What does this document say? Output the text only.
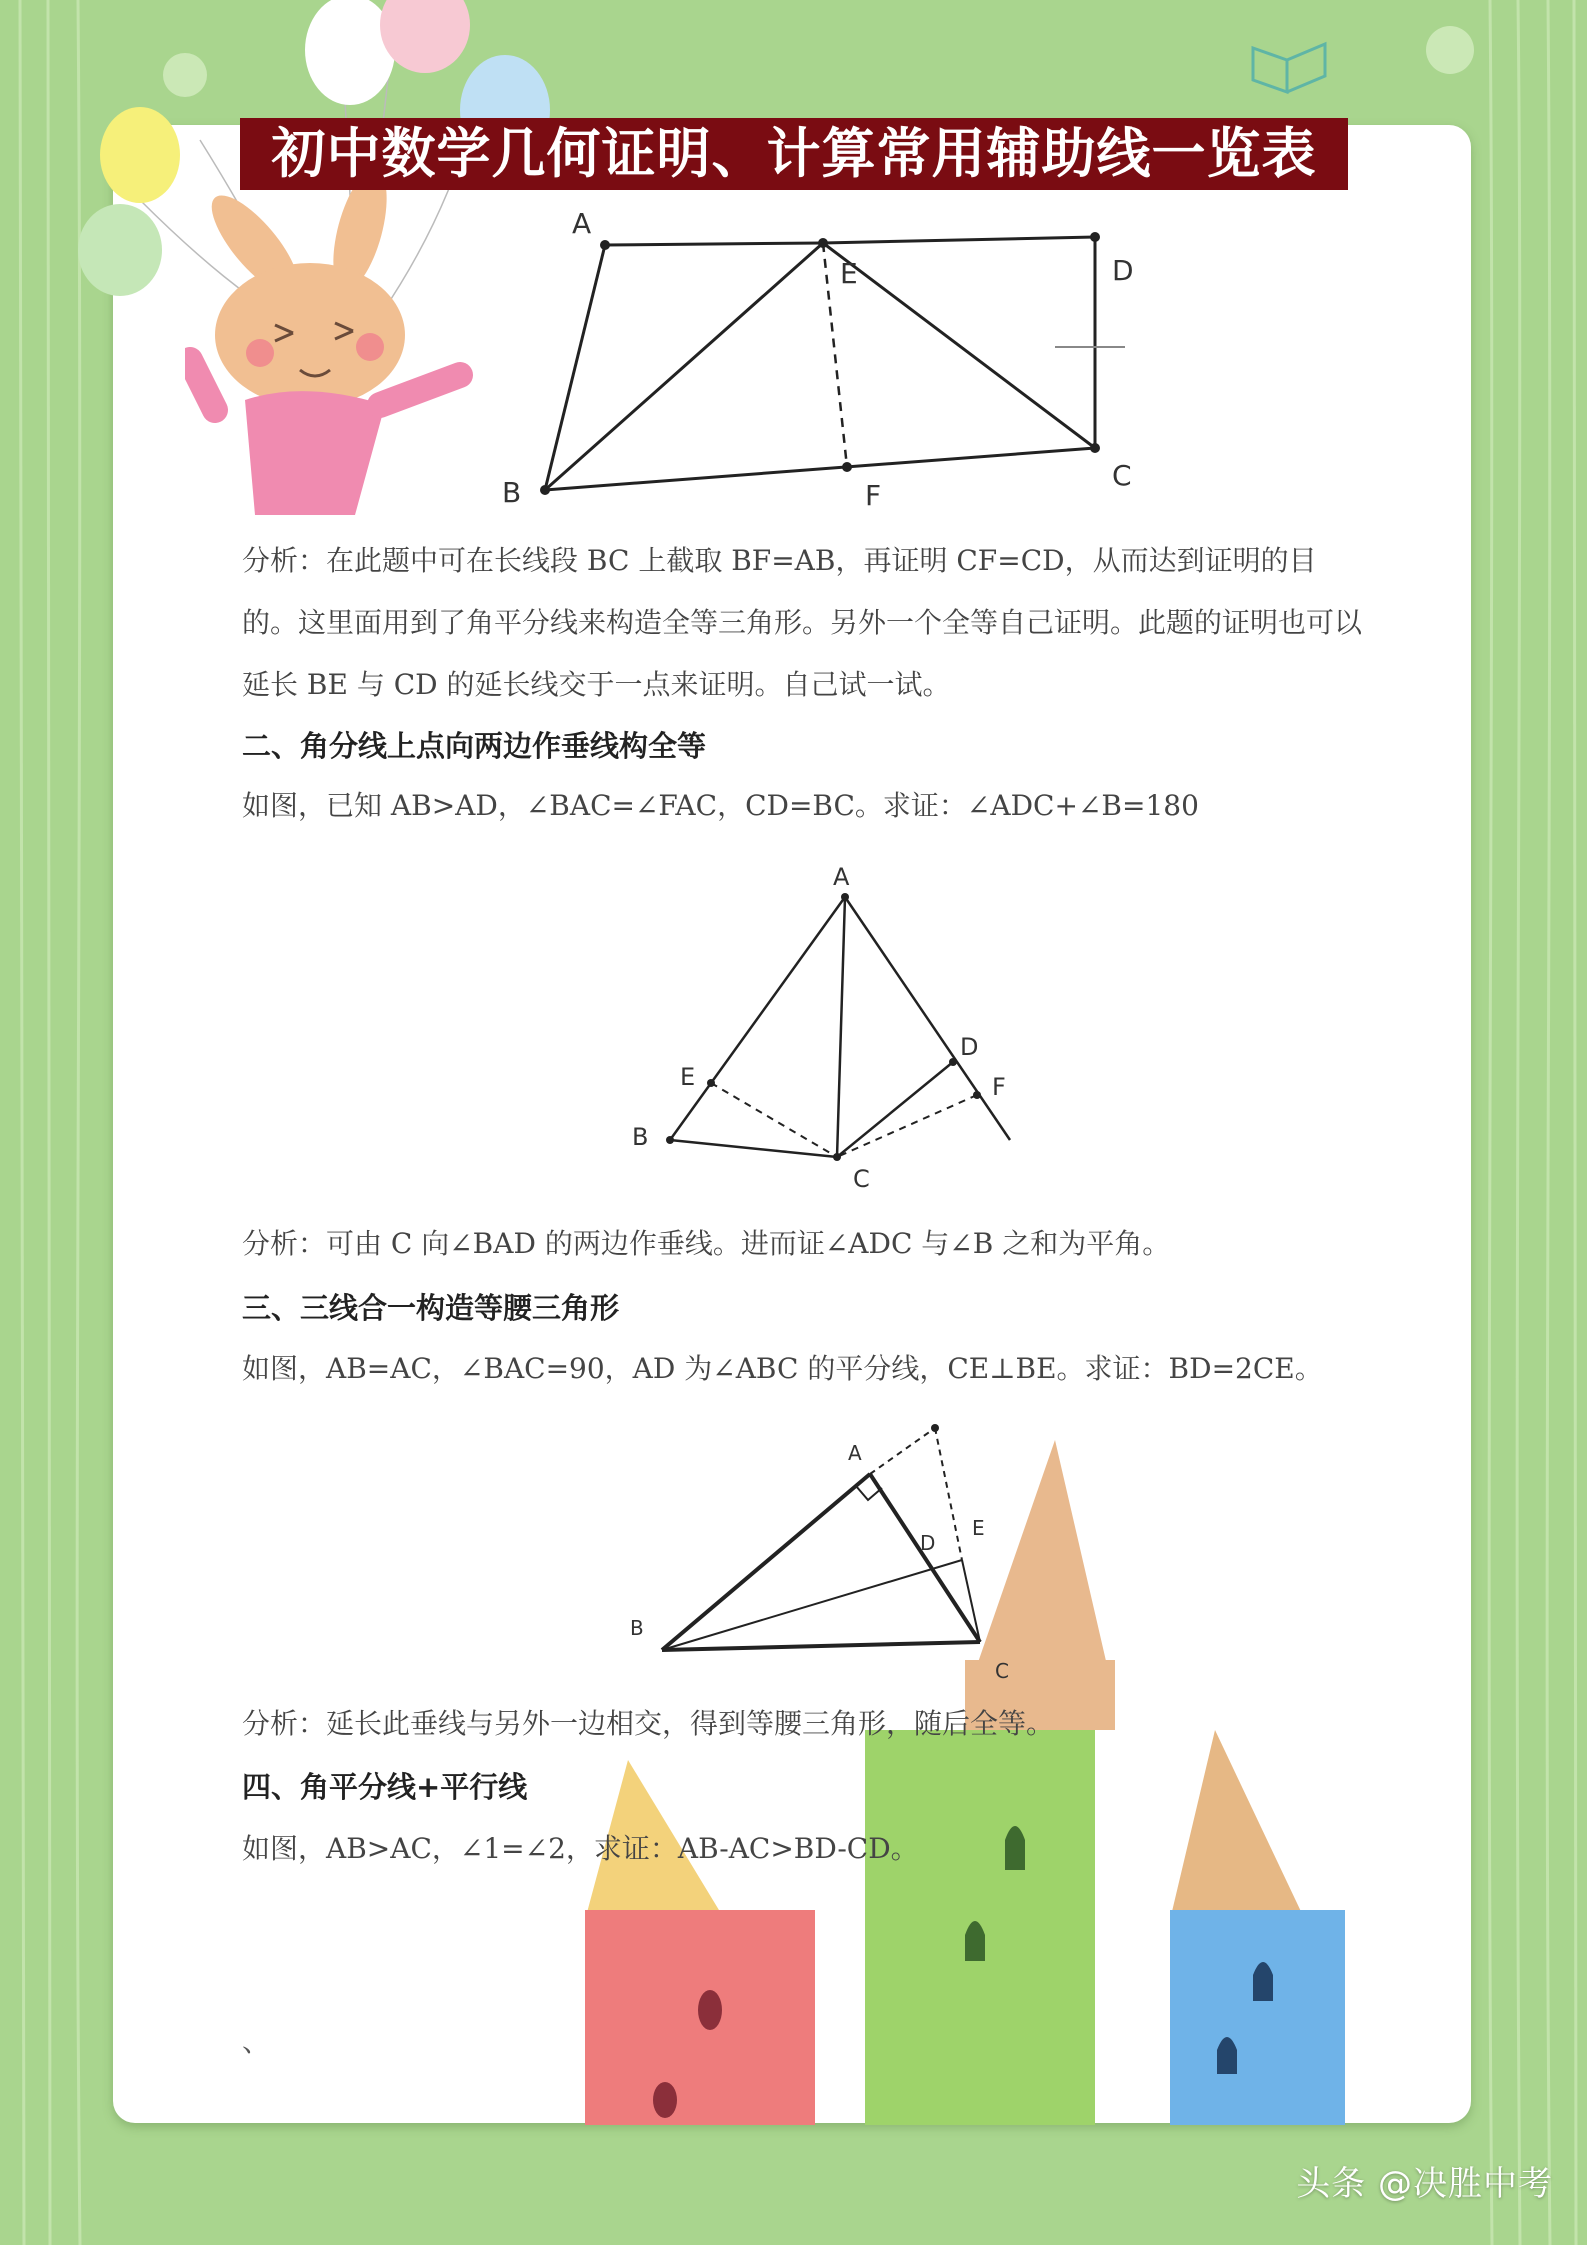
初中数学几何证明、计算常用辅助线一览表
A
E	D
B
C
F
分析：在此题中可在长线段 BC 上截取 BF=AB，再证明 CF=CD，从而达到证明的目的。这里面用到了角平分线来构造全等三角形。另外一个全等自己证明。此题的证明也可以延长 BE 与 CD 的延长线交于一点来证明。自己试一试。
二、角分线上点向两边作垂线构全等
如图，已知 AB>AD，∠BAC=∠FAC，CD=BC。求证：∠ADC+∠B=180
A
E
D
F
B
C
分析：可由 C 向∠BAD 的两边作垂线。进而证∠ADC 与∠B 之和为平角。
三、三线合一构造等腰三角形
如图，AB=AC，∠BAC=90，AD 为∠ABC 的平分线，CE⊥BE。求证：BD=2CE。
A
D
E
B
C
分析：延长此垂线与另外一边相交，得到等腰三角形，随后全等。
四、角平分线+平行线
如图，AB>AC，∠1=∠2，求证：AB-AC>BD-CD。
、
头条 @决胜中考
